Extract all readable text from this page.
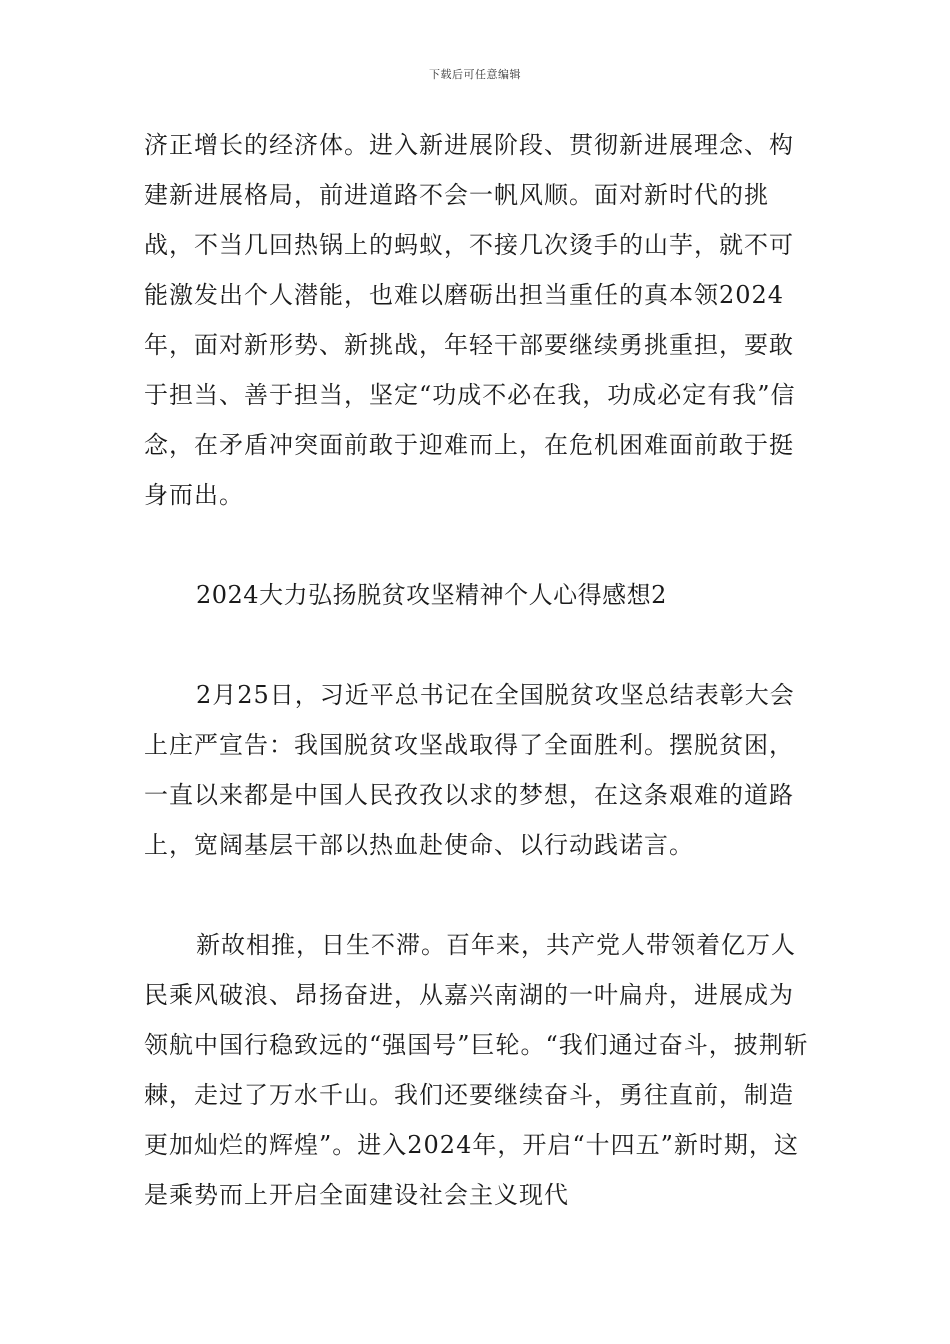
下载后可任意编辑

济正增长的经济体。进入新进展阶段、贯彻新进展理念、构建新进展格局，前进道路不会一帆风顺。面对新时代的挑战，不当几回热锅上的蚂蚁，不接几次烫手的山芋，就不可能激发出个人潜能，也难以磨砺出担当重任的真本领2024年，面对新形势、新挑战，年轻干部要继续勇挑重担，要敢于担当、善于担当，坚定“功成不必在我，功成必定有我”信念，在矛盾冲突面前敢于迎难而上，在危机困难面前敢于挺身而出。

2024大力弘扬脱贫攻坚精神个人心得感想2

2月25日，习近平总书记在全国脱贫攻坚总结表彰大会上庄严宣告：我国脱贫攻坚战取得了全面胜利。摆脱贫困，一直以来都是中国人民孜孜以求的梦想，在这条艰难的道路上，宽阔基层干部以热血赴使命、以行动践诺言。

新故相推，日生不滞。百年来，共产党人带领着亿万人民乘风破浪、昂扬奋进，从嘉兴南湖的一叶扁舟，进展成为领航中国行稳致远的“强国号”巨轮。“我们通过奋斗，披荆斩棘，走过了万水千山。我们还要继续奋斗，勇往直前，制造更加灿烂的辉煌”。进入2024年，开启“十四五”新时期，这是乘势而上开启全面建设社会主义现代
